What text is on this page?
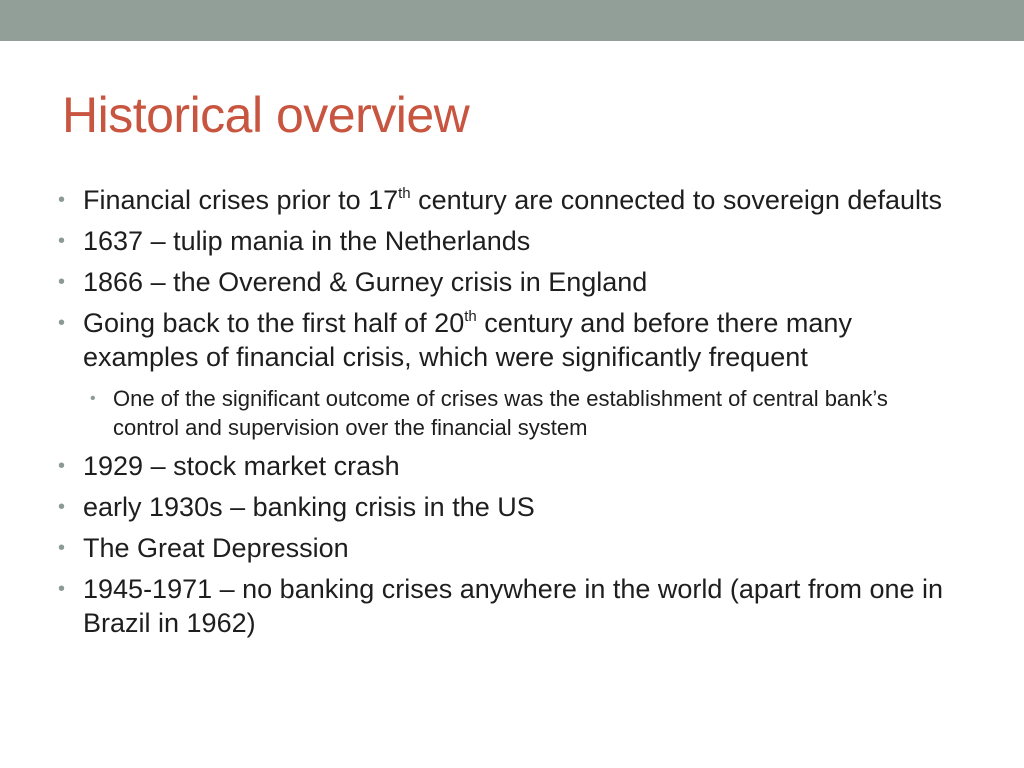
Historical overview
• Financial crises prior to 17th century are connected to sovereign defaults
• 1637 – tulip mania in the Netherlands
• 1866 – the Overend & Gurney crisis in England
• Going back to the first half of 20th century and before there many examples of financial crisis, which were significantly frequent
• One of the significant outcome of crises was the establishment of central bank’s control and supervision over the financial system
• 1929 – stock market crash
• early 1930s – banking crisis in the US
• The Great Depression
• 1945-1971 – no banking crises anywhere in the world (apart from one in Brazil in 1962)
